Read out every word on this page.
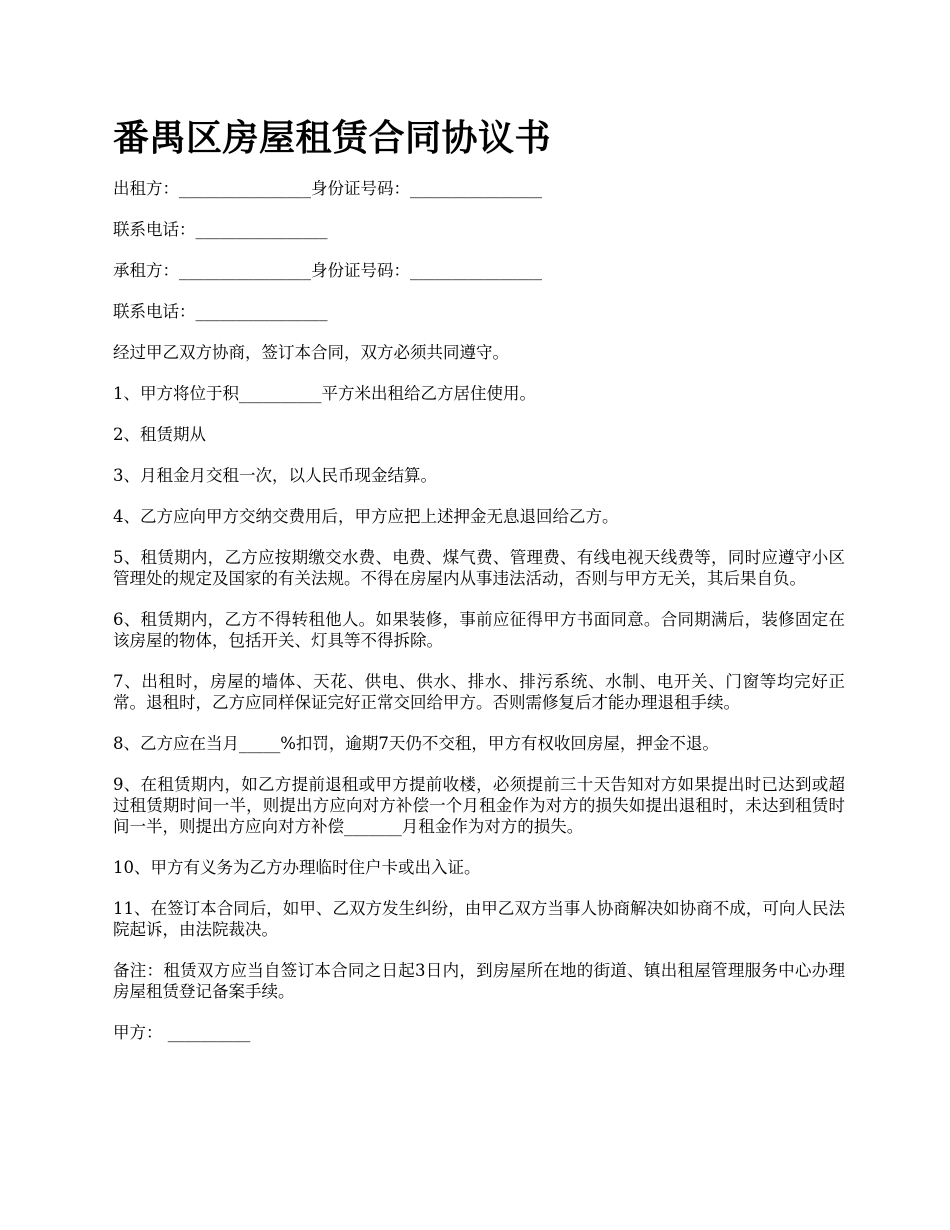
番禺区房屋租赁合同协议书

出租方：________________身份证号码：________________

联系电话：________________

承租方：________________身份证号码：________________

联系电话：________________

经过甲乙双方协商，签订本合同，双方必须共同遵守。

1、甲方将位于积__________平方米出租给乙方居住使用。

2、租赁期从

3、月租金月交租一次，以人民币现金结算。

4、乙方应向甲方交纳交费用后，甲方应把上述押金无息退回给乙方。

5、租赁期内，乙方应按期缴交水费、电费、煤气费、管理费、有线电视天线费等，同时应遵守小区管理处的规定及国家的有关法规。不得在房屋内从事违法活动，否则与甲方无关，其后果自负。

6、租赁期内，乙方不得转租他人。如果装修，事前应征得甲方书面同意。合同期满后，装修固定在该房屋的物体，包括开关、灯具等不得拆除。

7、出租时，房屋的墙体、天花、供电、供水、排水、排污系统、水制、电开关、门窗等均完好正常。退租时，乙方应同样保证完好正常交回给甲方。否则需修复后才能办理退租手续。

8、乙方应在当月_____%扣罚，逾期7天仍不交租，甲方有权收回房屋，押金不退。

9、在租赁期内，如乙方提前退租或甲方提前收楼，必须提前三十天告知对方如果提出时已达到或超过租赁期时间一半，则提出方应向对方补偿一个月租金作为对方的损失如提出退租时，未达到租赁时间一半，则提出方应向对方补偿_______月租金作为对方的损失。

10、甲方有义务为乙方办理临时住户卡或出入证。

11、在签订本合同后，如甲、乙双方发生纠纷，由甲乙双方当事人协商解决如协商不成，可向人民法院起诉，由法院裁决。

备注：租赁双方应当自签订本合同之日起3日内，到房屋所在地的街道、镇出租屋管理服务中心办理房屋租赁登记备案手续。

甲方： __________
